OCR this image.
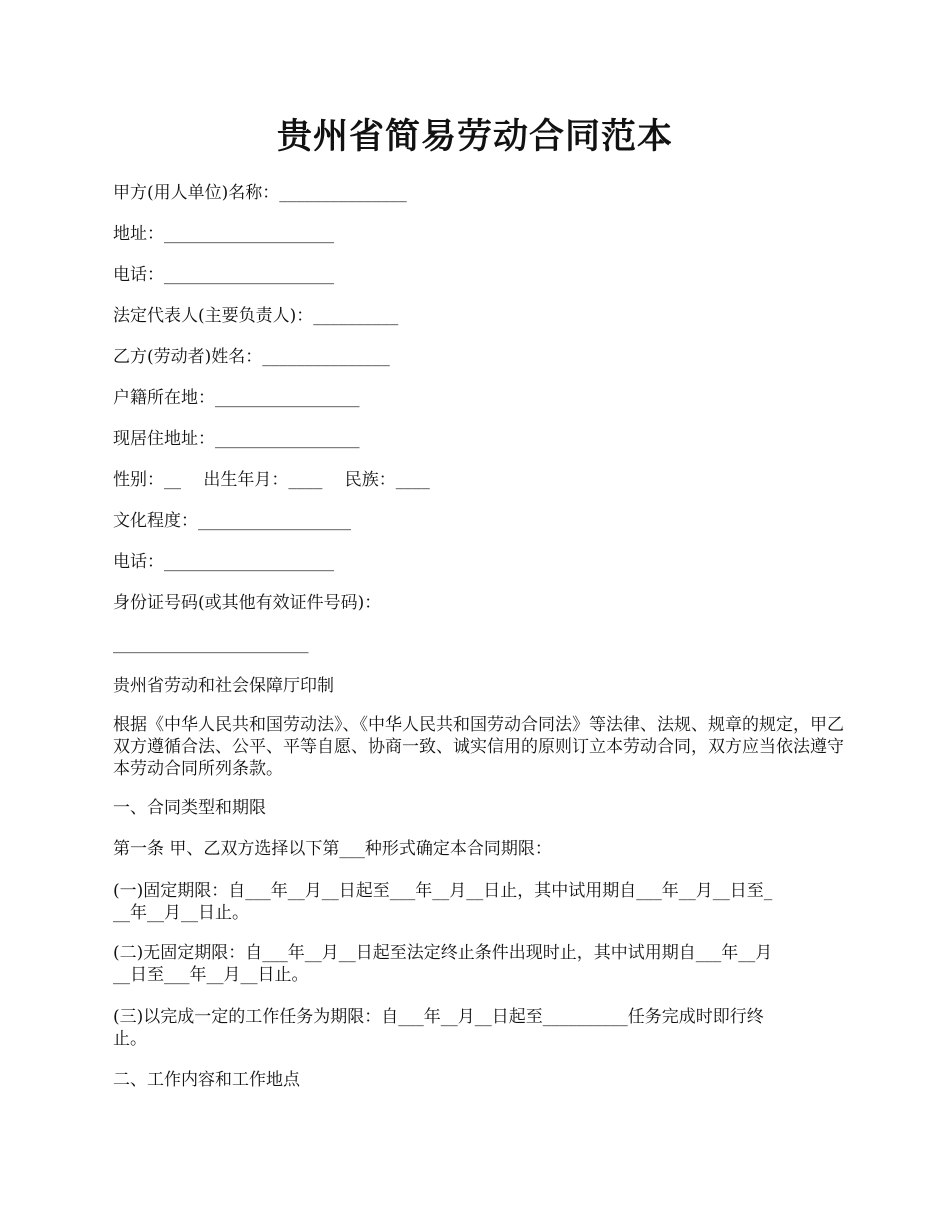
贵州省简易劳动合同范本

甲方(用人单位)名称：_______________

地址：____________________

电话：____________________

法定代表人(主要负责人)：__________

乙方(劳动者)姓名：_______________

户籍所在地：_________________

现居住地址：_________________

性别：__　 出生年月：____　 民族：____

文化程度：__________________

电话：____________________

身份证号码(或其他有效证件号码)：

_______________________

贵州省劳动和社会保障厅印制

根据《中华人民共和国劳动法》、《中华人民共和国劳动合同法》等法律、法规、规章的规定，甲乙双方遵循合法、公平、平等自愿、协商一致、诚实信用的原则订立本劳动合同，双方应当依法遵守本劳动合同所列条款。

一、合同类型和期限

第一条 甲、乙双方选择以下第___种形式确定本合同期限：

(一)固定期限：自___年__月__日起至___年__月__日止，其中试用期自___年__月__日至_

__年__月__日止。

(二)无固定期限：自___年__月__日起至法定终止条件出现时止，其中试用期自___年__月

__日至___年__月__日止。

(三)以完成一定的工作任务为期限：自___年__月__日起至__________任务完成时即行终

止。

二、工作内容和工作地点
